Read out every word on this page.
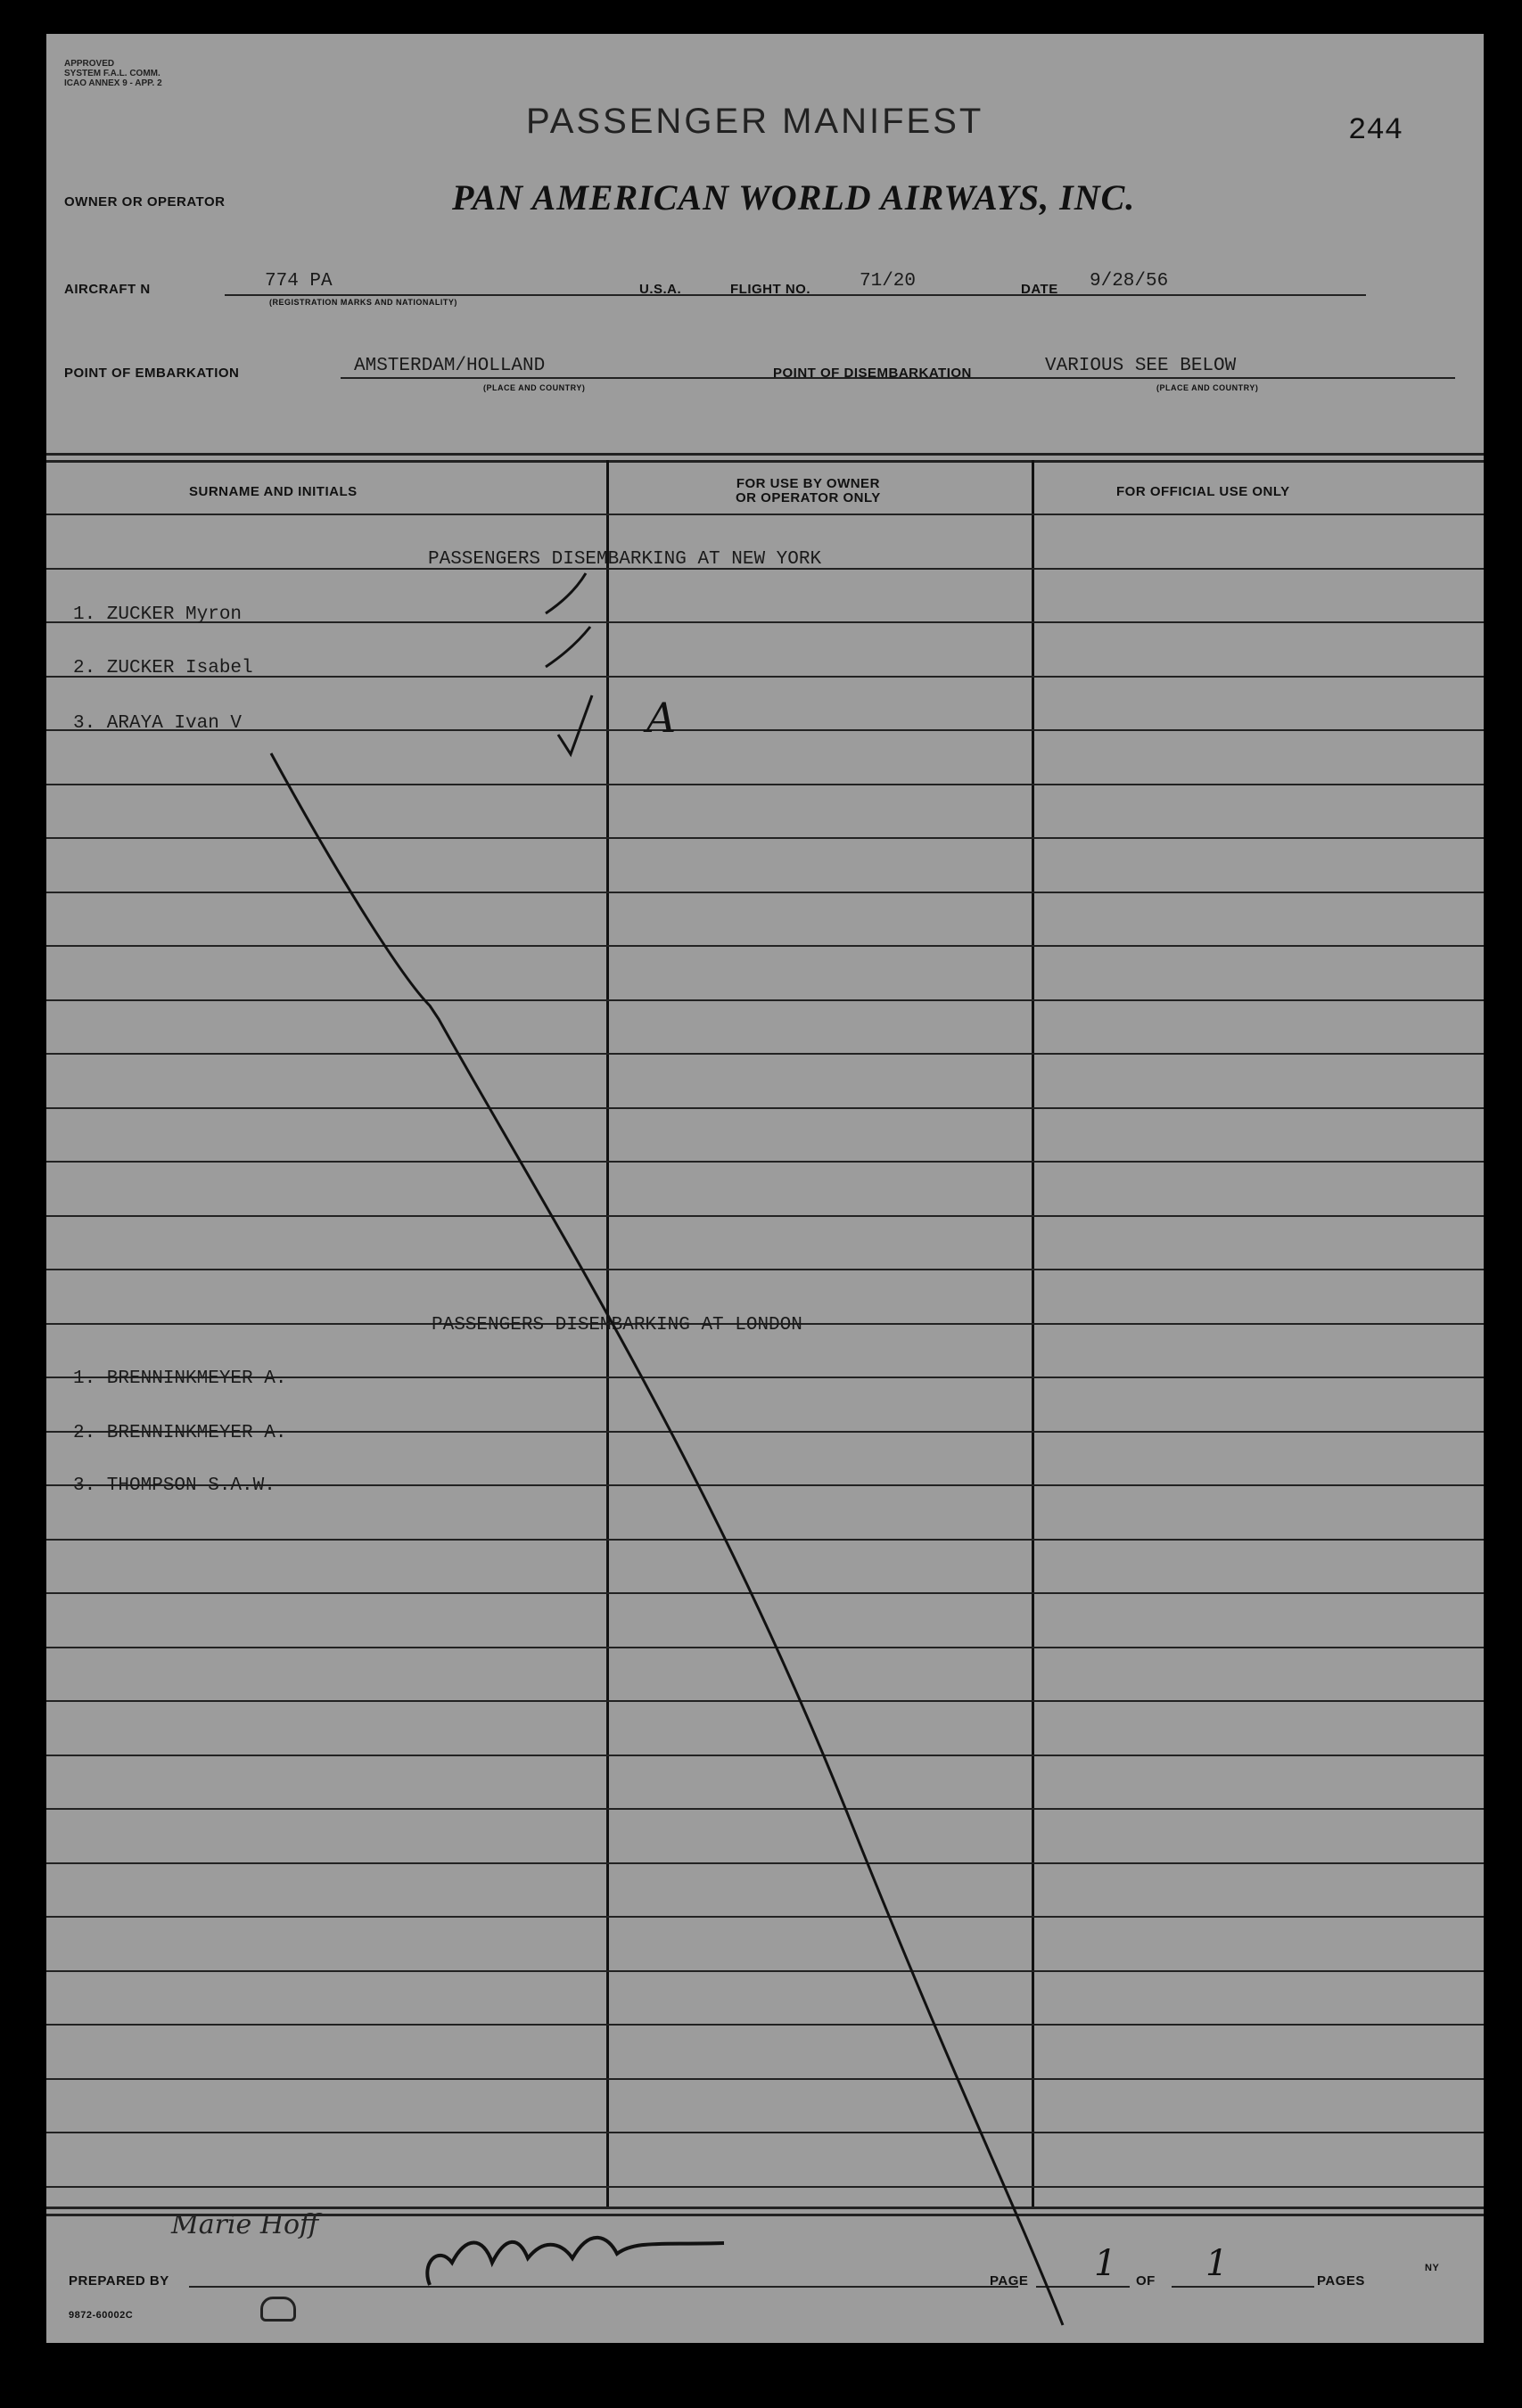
APPROVED
SYSTEM F.A.L. COMM.
ICAO ANNEX 9 - APP. 2
PASSENGER MANIFEST	244
OWNER OR OPERATOR	PAN AMERICAN WORLD AIRWAYS, INC.
AIRCRAFT N	774 PA
(REGISTRATION MARKS AND NATIONALITY)
U.S.A.	FLIGHT NO.	71/20	DATE 9/28/56
POINT OF EMBARKATION	AMSTERDAM/HOLLAND
(PLACE AND COUNTRY)
POINT OF DISEMBARKATION	VARIOUS SEE BELOW
(PLACE AND COUNTRY)
SURNAME AND INITIALS
FOR USE BY OWNER
OR OPERATOR ONLY	FOR OFFICIAL USE ONLY
PASSENGERS DISEMBARKING AT NEW YORK
1. ZUCKER Myron
2. ZUCKER Isabel
3. ARAYA Ivan V	A
PASSENGERS DISEMBARKING AT LONDON
1. BRENNINKMEYER A.
2. BRENNINKMEYER A.
3. THOMPSON S.A.W.
Marie Hoff
PREPARED BY	PAGE 1 OF 1	PAGES
NY
9872-60002C
